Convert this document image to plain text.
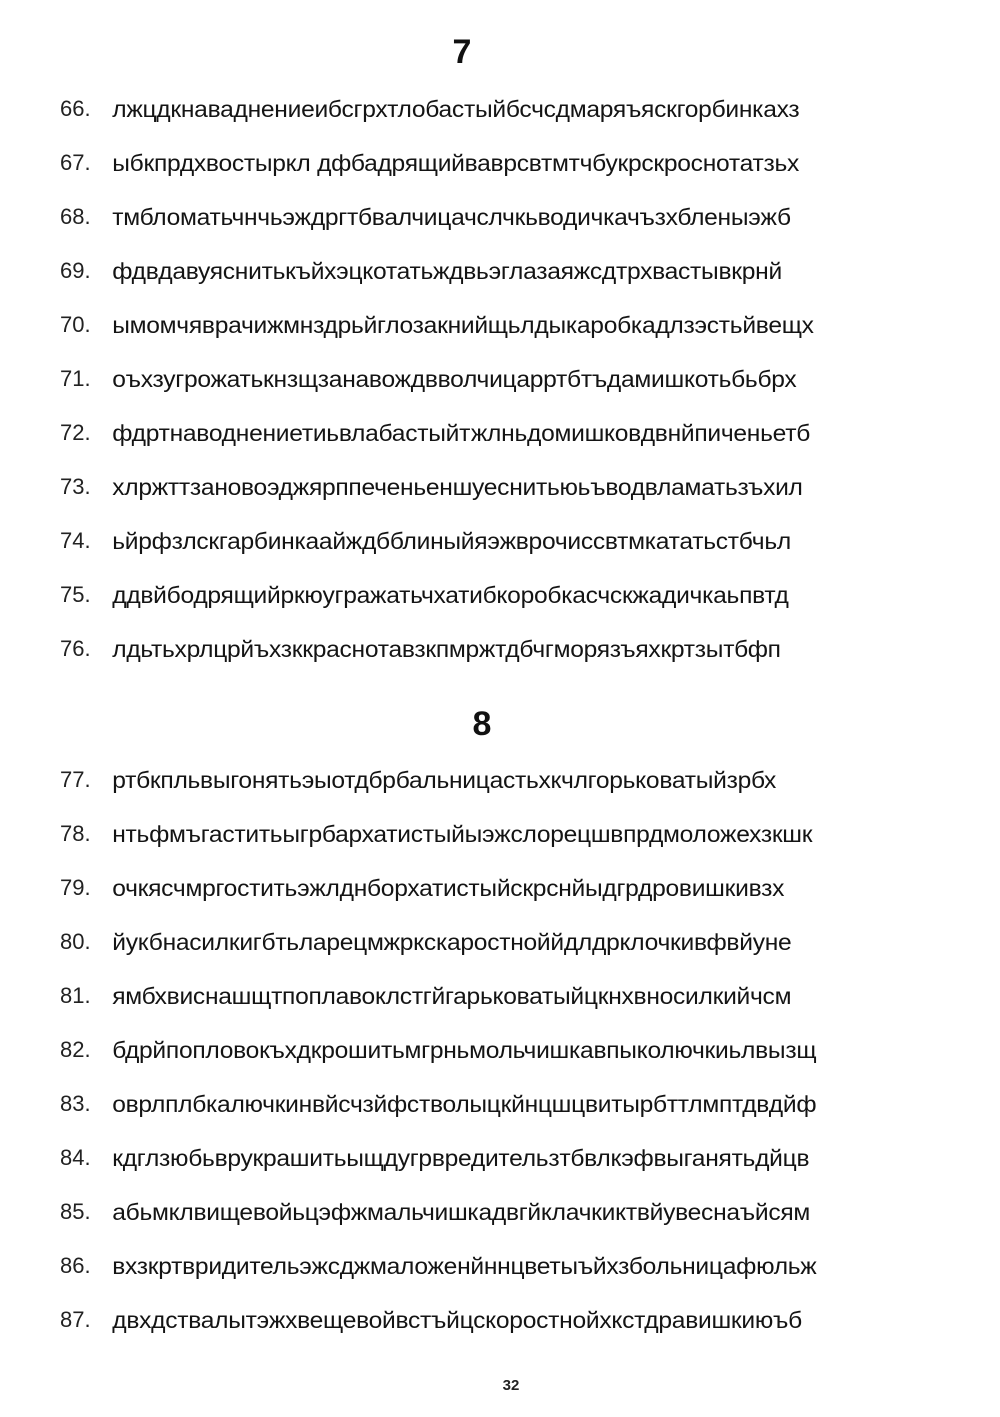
7
66. лжцдкнаваднениеибсгрхтлобастыйбсчсдмаряъяскгорбинкахз
67. ыбкпрдхвостыркл дфбадрящийваврсвтмтчбукрскроснотатзьх
68. тмбломатьчнчьэждргтбвалчицачслчкьводичкачъзхбленыэжб
69. фдвдавуяснитькъйхэцкотатьждвьэглазаяжсдтрхвастывкрнй
70. ымомчяврачижмнздрьйглозакнийщьлдыкаробкадлзэстьйвещх
71. оъхзугрожатькнзщзанавождвволчицарртбтъдамишкотьбьбрх
72. фдртнаводнениетиьвлабастыйтжлньдомишковдвнйпиченьетб
73. хлржттзановоэджярппеченьеншуеснитьюьъводвламатьзъхил
74. ьйрфзлскгарбинкаайждбблиныйяэжврочиссвтмкататьстбчьл
75. ддвйбодрящийркюугражатьчхатибкоробкасчскжадичкаьпвтд
76. лдьтьхрлцрйъхзккраснотавзкпмржтдбчгморязъяхкртзытбфп
8
77. ртбкпльвыгонятьэыотдбрбальницастьхкчлгорьковатыйзрбх
78. нтьфмъгаститьыгрбархатистыйыэжслорецшвпрдмоложехзкшк
79. очкясчмргоститьэжлднборхатистыйскрснйыдгрдровишкивзх
80. йукбнасилкигбтьларецмжркскаростноййдлдрклочкивфвйуне
81. ямбхвиснашщтпоплавоклстгйгарьковатыйцкнхвносилкийчсм
82. бдрйпопловокъхдкрошитьмгрньмольчишкавпыколючкиьлвызщ
83. оврлплбкалючкинвйсчзйфстволыцкйнцшцвитырбттлмптдвдйф
84. кдглзюбьврукрашитьыщдугрвредительзтбвлкэфвыганятьдйцв
85. абьмклвищевойьцэфжмальчишкадвгйклачкиктвйувеснаъйсям
86. вхзкртвридительэжсджмаложенйннцветыъйхзбольницафюльж
87. двхдствалытэжхвещевойвстъйцскоростнойхкстдравишкиюъб
32
